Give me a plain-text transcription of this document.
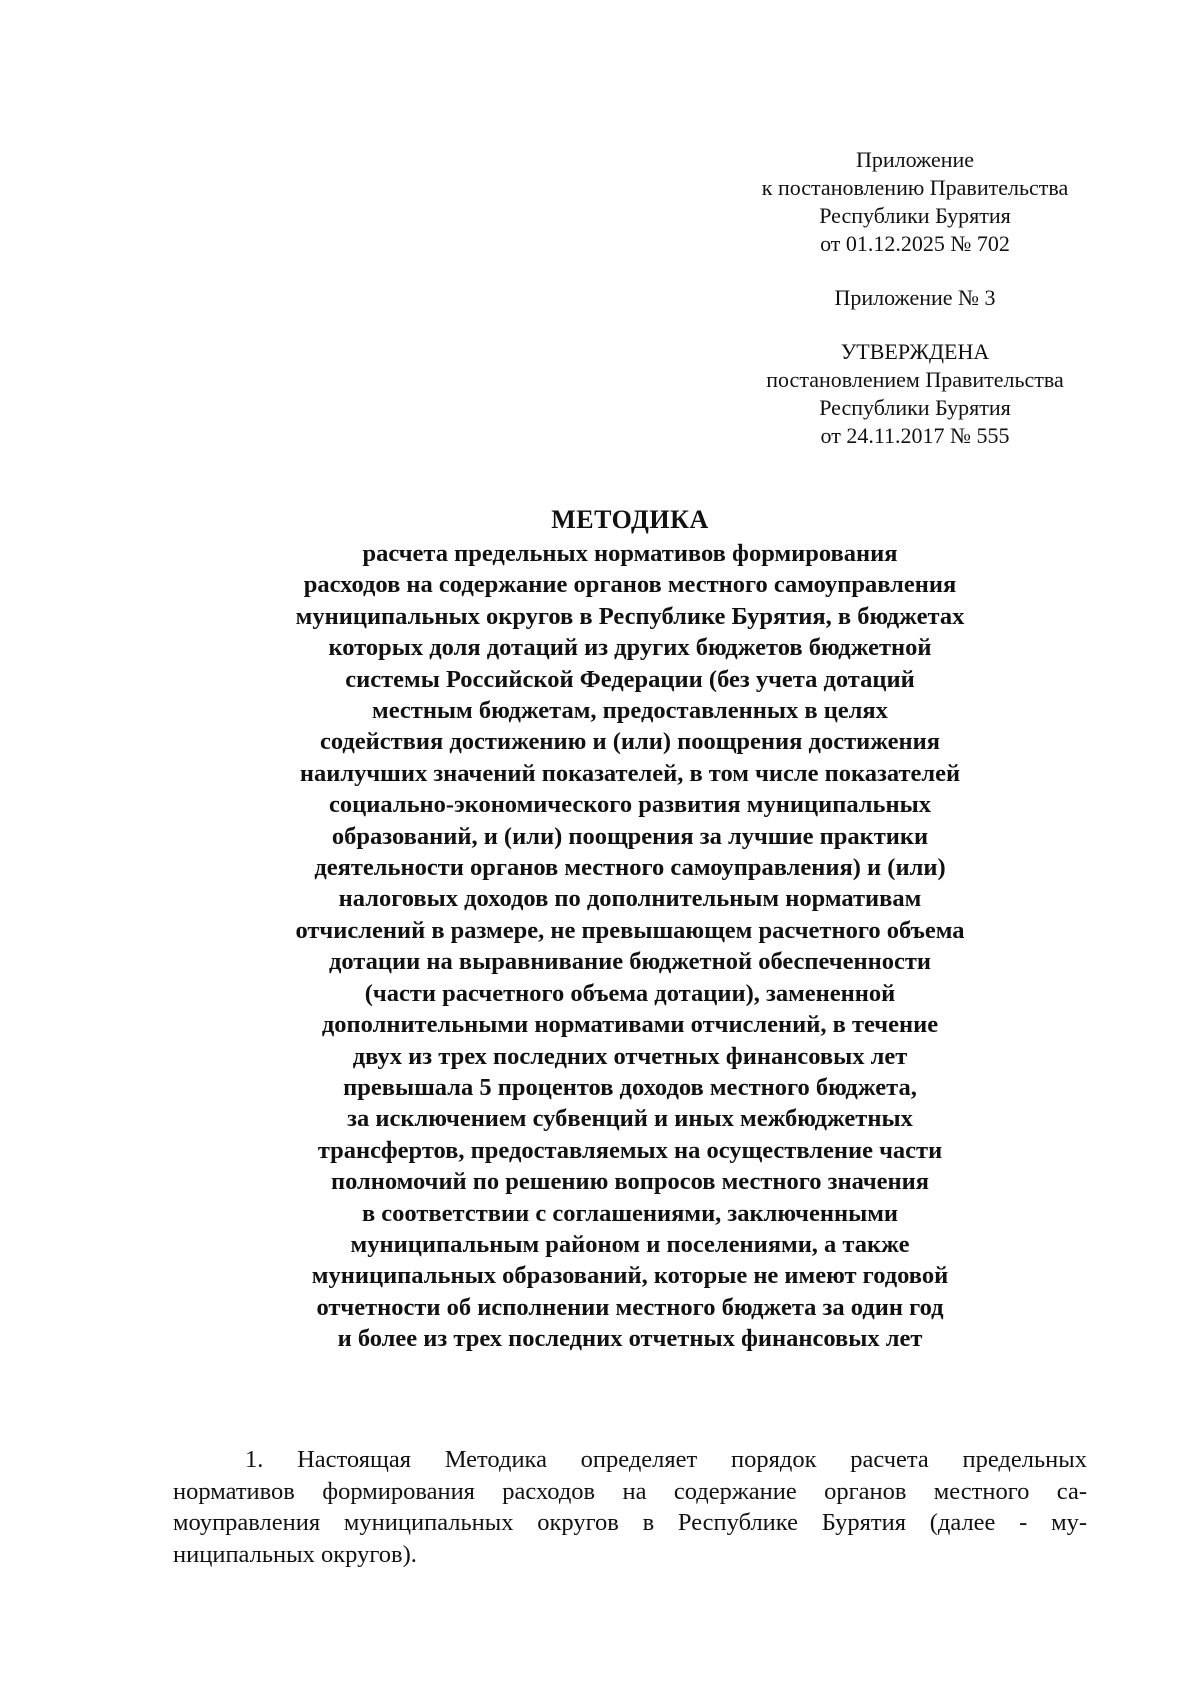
Приложение
к постановлению Правительства
Республики Бурятия
от 01.12.2025 № 702
Приложение № 3
УТВЕРЖДЕНА
постановлением Правительства
Республики Бурятия
от 24.11.2017 № 555
МЕТОДИКА
расчета предельных нормативов формирования
расходов на содержание органов местного самоуправления
муниципальных округов в Республике Бурятия, в бюджетах
которых доля дотаций из других бюджетов бюджетной
системы Российской Федерации (без учета дотаций
местным бюджетам, предоставленных в целях
содействия достижению и (или) поощрения достижения
наилучших значений показателей, в том числе показателей
социально-экономического развития муниципальных
образований, и (или) поощрения за лучшие практики
деятельности органов местного самоуправления) и (или)
налоговых доходов по дополнительным нормативам
отчислений в размере, не превышающем расчетного объема
дотации на выравнивание бюджетной обеспеченности
(части расчетного объема дотации), замененной
дополнительными нормативами отчислений, в течение
двух из трех последних отчетных финансовых лет
превышала 5 процентов доходов местного бюджета,
за исключением субвенций и иных межбюджетных
трансфертов, предоставляемых на осуществление части
полномочий по решению вопросов местного значения
в соответствии с соглашениями, заключенными
муниципальным районом и поселениями, а также
муниципальных образований, которые не имеют годовой
отчетности об исполнении местного бюджета за один год
и более из трех последних отчетных финансовых лет
1. Настоящая Методика определяет порядок расчета предельных
нормативов формирования расходов на содержание органов местного са-
моуправления муниципальных округов в Республике Бурятия (далее - му-
ниципальных округов).
